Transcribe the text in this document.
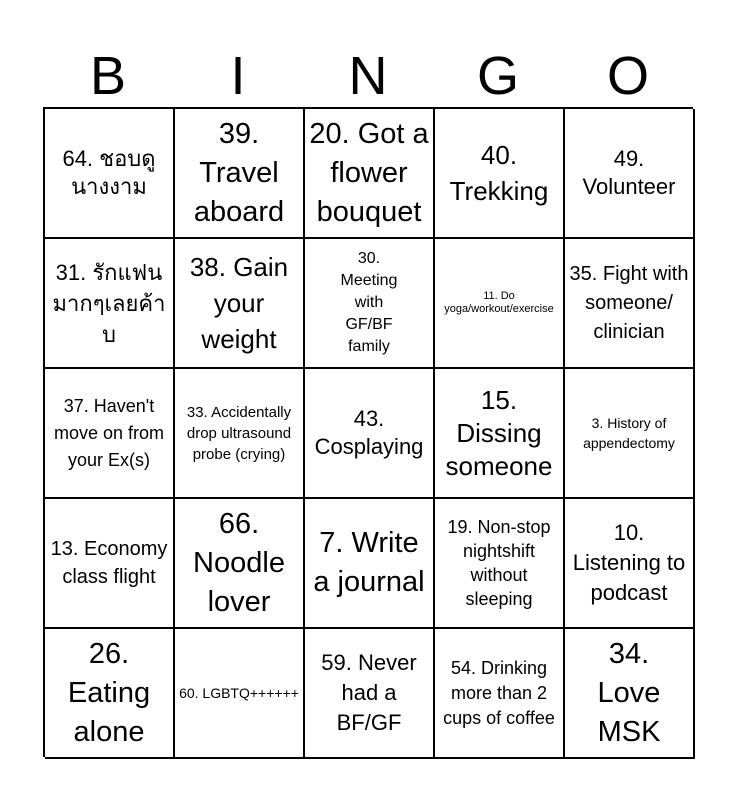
B	I	N	G	O
64. ชอบดูนางงาม
39. Travel aboard
20. Got a flower bouquet
40. Trekking
49. Volunteer
31. รักแฟนมากๆเลยค้าบ
38. Gain your weight
30. Meeting with GF/BF family
11. Do yoga/workout/exercise
35. Fight with someone/ clinician
37. Haven't move on from your Ex(s)
33. Accidentally drop ultrasound probe (crying)
43. Cosplaying
15. Dissing someone
3. History of appendectomy
13. Economy class flight
66. Noodle lover
7. Write a journal
19. Non-stop nightshift without sleeping
10. Listening to podcast
26. Eating alone
60. LGBTQ++++++
59. Never had a BF/GF
54. Drinking more than 2 cups of coffee
34. Love MSK
